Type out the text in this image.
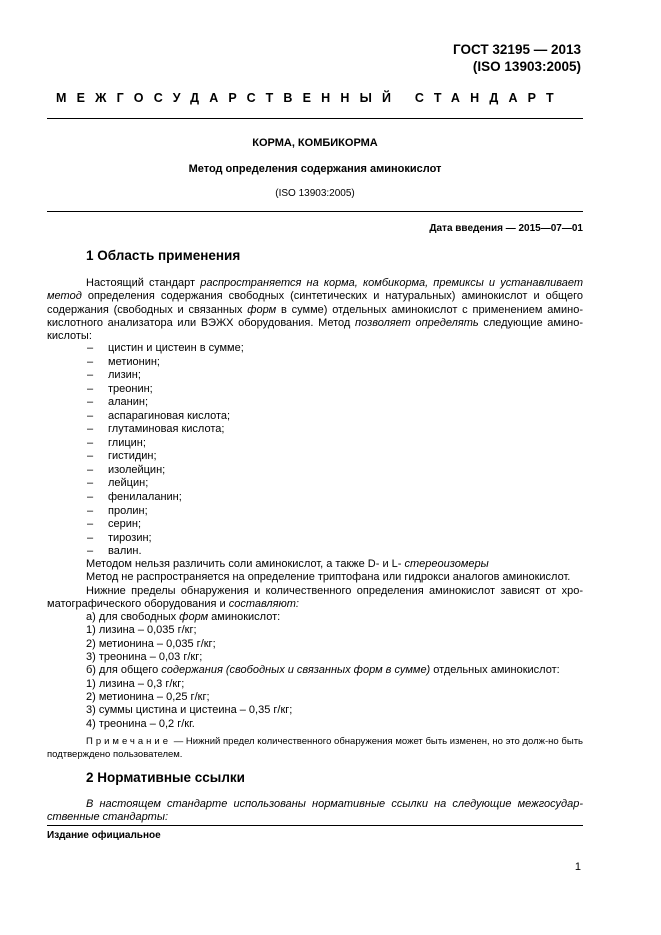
ГОСТ 32195 — 2013
(ISO 13903:2005)
МЕЖГОСУДАРСТВЕННЫЙ СТАНДАРТ
КОРМА, КОМБИКОРМА
Метод определения содержания аминокислот
(ISO 13903:2005)
Дата введения — 2015—07—01
1 Область применения

Настоящий стандарт распространяется на корма, комбикорма, премиксы и устанавливает метод определения содержания свободных (синтетических и натуральных) аминокислот и общего содержания (свободных и связанных форм в сумме) отдельных аминокислот с применением амино-кислотного анализатора или ВЭЖХ оборудования. Метод позволяет определять следующие амино-кислоты:

–	цистин и цистеин в сумме;
–	метионин;
–	лизин;
–	треонин;
–	аланин;
–	аспарагиновая кислота;
–	глутаминовая кислота;
–	глицин;
–	гистидин;
–	изолейцин;
–	лейцин;
–	фенилаланин;
–	пролин;
–	серин;
–	тирозин;
–	валин.

Методом нельзя различить соли аминокислот, а также D- и L- стереоизомеры

Метод не распространяется на определение триптофана или гидрокси аналогов аминокислот.

Нижние пределы обнаружения и количественного определения аминокислот зависят от хро-матографического оборудования и составляют:

а) для свободных форм аминокислот:

1) лизина – 0,035 г/кг;

2) метионина – 0,035 г/кг;

3) треонина – 0,03 г/кг;

б) для общего содержания (свободных и связанных форм в сумме) отдельных аминокислот:

1) лизина – 0,3 г/кг;

2) метионина – 0,25 г/кг;

3) суммы цистина и цистеина – 0,35 г/кг;

4) треонина – 0,2 г/кг.

Примечание — Нижний предел количественного обнаружения может быть изменен, но это долж-но быть подтверждено пользователем.
2 Нормативные ссылки

В настоящем стандарте использованы нормативные ссылки на следующие межгосудар-ственные стандарты:

Издание официальное
1
